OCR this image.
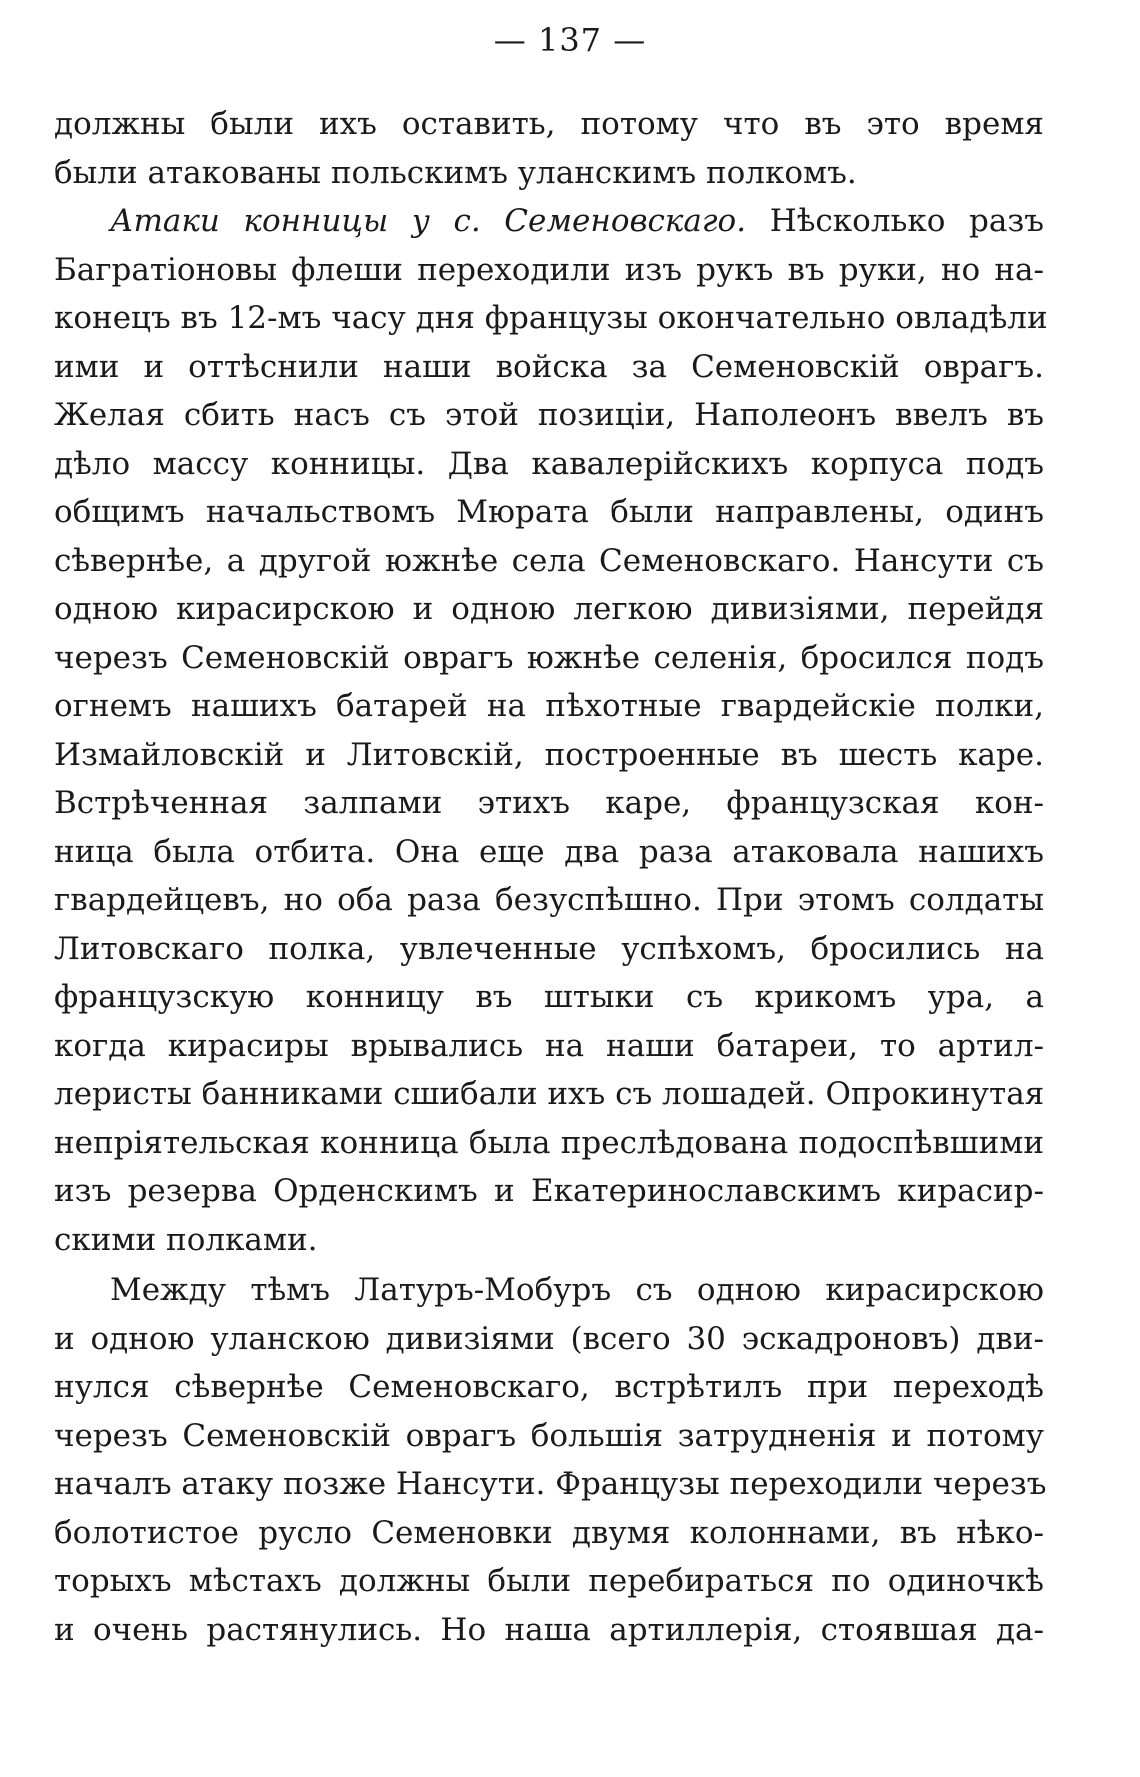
— 137 —
должны были ихъ оставить, потому что въ это время
были атакованы польскимъ уланскимъ полкомъ.
Атаки конницы у с. Семеновскаго. Нѣсколько разъ
Багратіоновы флеши переходили изъ рукъ въ руки, но на-
конецъ въ 12-мъ часу дня французы окончательно овладѣли
ими и оттѣснили наши войска за Семеновскій оврагъ.
Желая сбить насъ съ этой позиціи, Наполеонъ ввелъ въ
дѣло массу конницы. Два кавалерійскихъ корпуса подъ
общимъ начальствомъ Мюрата были направлены, одинъ
сѣвернѣе, а другой южнѣе села Семеновскаго. Нансути съ
одною кирасирскою и одною легкою дивизіями, перейдя
черезъ Семеновскій оврагъ южнѣе селенія, бросился подъ
огнемъ нашихъ батарей на пѣхотные гвардейскіе полки,
Измайловскій и Литовскій, построенные въ шесть каре.
Встрѣченная залпами этихъ каре, французская кон-
ница была отбита. Она еще два раза атаковала нашихъ
гвардейцевъ, но оба раза безуспѣшно. При этомъ солдаты
Литовскаго полка, увлеченные успѣхомъ, бросились на
французскую конницу въ штыки съ крикомъ ура, а
когда кирасиры врывались на наши батареи, то артил-
леристы банниками сшибали ихъ съ лошадей. Опрокинутая
непріятельская конница была преслѣдована подоспѣвшими
изъ резерва Орденскимъ и Екатеринославскимъ кирасир-
скими полками.
Между тѣмъ Латуръ-Мобуръ съ одною кирасирскою
и одною уланскою дивизіями (всего 30 эскадроновъ) дви-
нулся сѣвернѣе Семеновскаго, встрѣтилъ при переходѣ
черезъ Семеновскій оврагъ большія затрудненія и потому
началъ атаку позже Нансути. Французы переходили черезъ
болотистое русло Семеновки двумя колоннами, въ нѣко-
торыхъ мѣстахъ должны были перебираться по одиночкѣ
и очень растянулись. Но наша артиллерія, стоявшая да-
